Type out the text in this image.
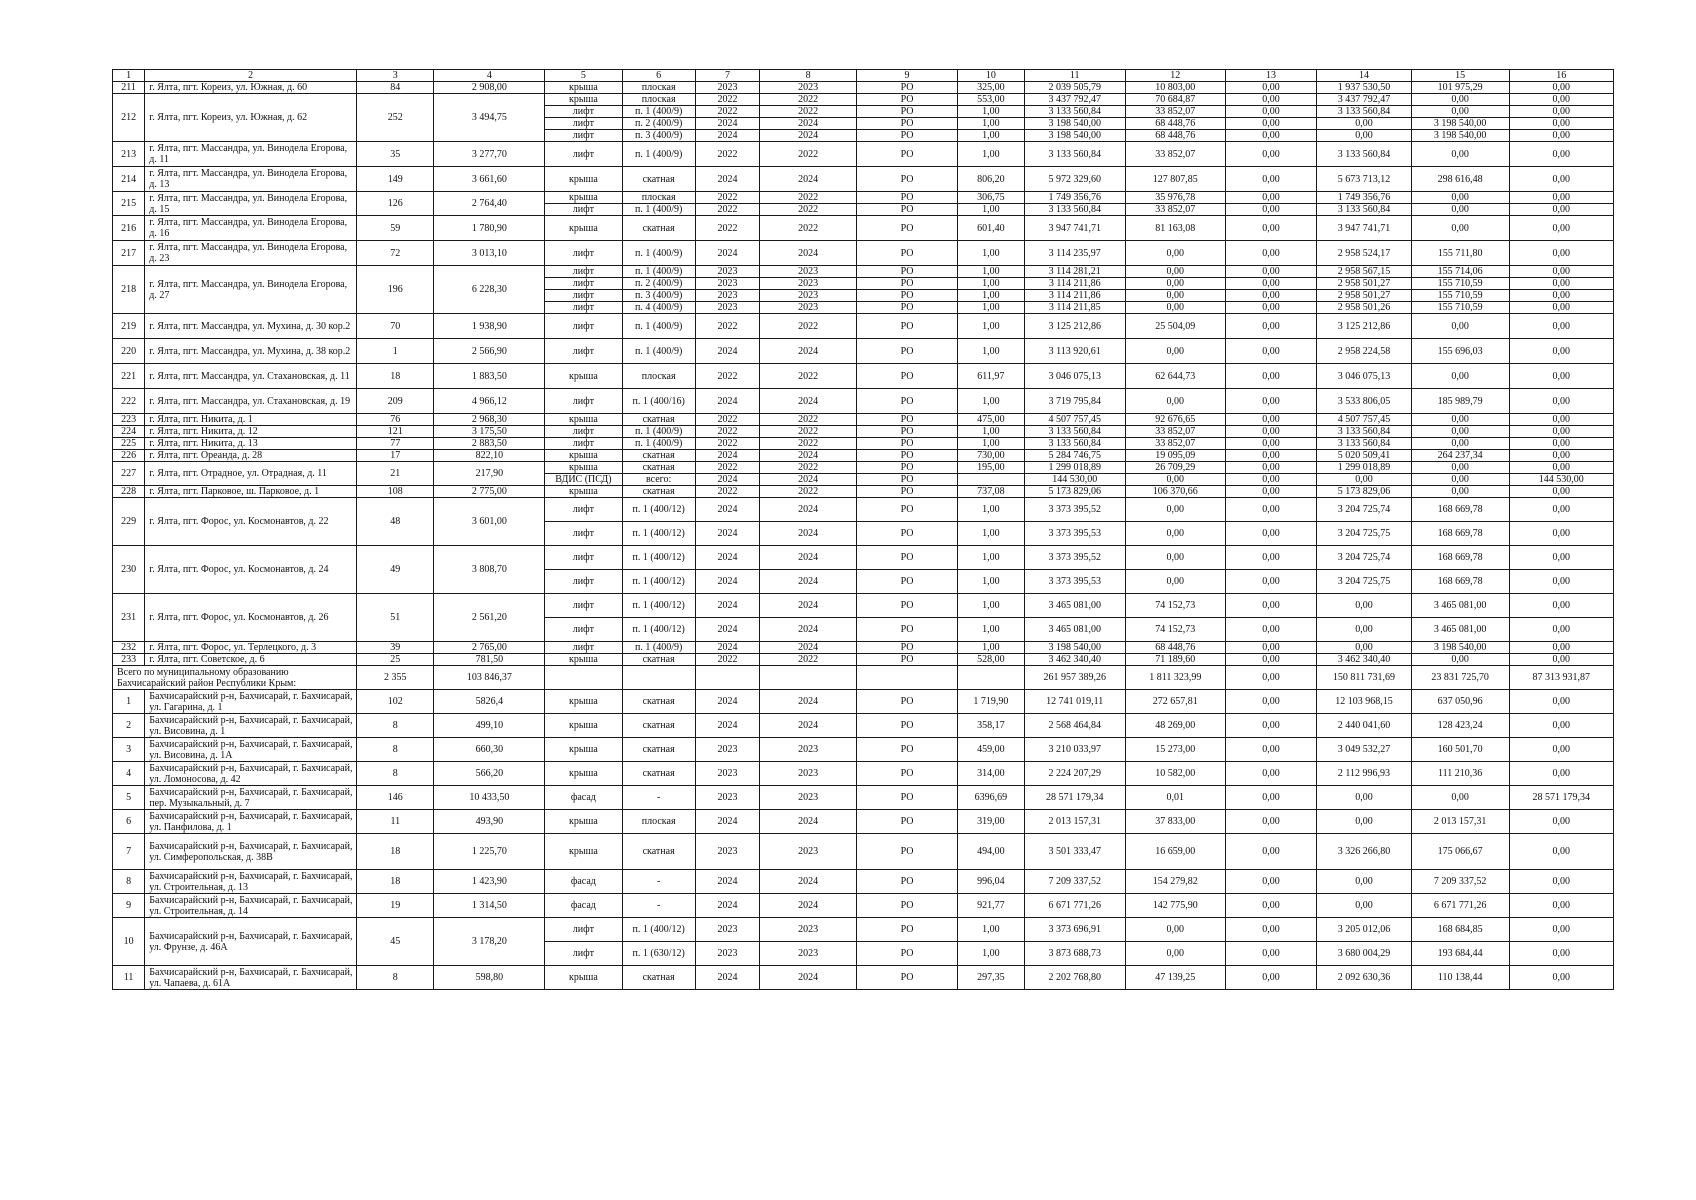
1	2	3	4	5	6	7	8	9	10	11	12	13	14	15	16
211	г. Ялта, пгт. Кореиз, ул. Южная, д. 60	84	2 908,00	крыша	плоская	2023	2023	РО	325,00	2 039 505,79	10 803,00	0,00	1 937 530,50	101 975,29	0,00
212	г. Ялта, пгт. Кореиз, ул. Южная, д. 62	252	3 494,75	крыша	плоская	2022	2022	РО	553,00	3 437 792,47	70 684,87	0,00	3 437 792,47	0,00	0,00
				лифт	п. 1 (400/9)	2022	2022	РО	1,00	3 133 560,84	33 852,07	0,00	3 133 560,84	0,00	0,00
				лифт	п. 2 (400/9)	2024	2024	РО	1,00	3 198 540,00	68 448,76	0,00	0,00	3 198 540,00	0,00
				лифт	п. 3 (400/9)	2024	2024	РО	1,00	3 198 540,00	68 448,76	0,00	0,00	3 198 540,00	0,00
213	г. Ялта, пгт. Массандра, ул. Винодела Егорова, д. 11	35	3 277,70	лифт	п. 1 (400/9)	2022	2022	РО	1,00	3 133 560,84	33 852,07	0,00	3 133 560,84	0,00	0,00
214	г. Ялта, пгт. Массандра, ул. Винодела Егорова, д. 13	149	3 661,60	крыша	скатная	2024	2024	РО	806,20	5 972 329,60	127 807,85	0,00	5 673 713,12	298 616,48	0,00
215	г. Ялта, пгт. Массандра, ул. Винодела Егорова, д. 15	126	2 764,40	крыша	плоская	2022	2022	РО	306,75	1 749 356,76	35 976,78	0,00	1 749 356,76	0,00	0,00
				лифт	п. 1 (400/9)	2022	2022	РО	1,00	3 133 560,84	33 852,07	0,00	3 133 560,84	0,00	0,00
216	г. Ялта, пгт. Массандра, ул. Винодела Егорова, д. 16	59	1 780,90	крыша	скатная	2022	2022	РО	601,40	3 947 741,71	81 163,08	0,00	3 947 741,71	0,00	0,00
217	г. Ялта, пгт. Массандра, ул. Винодела Егорова, д. 23	72	3 013,10	лифт	п. 1 (400/9)	2024	2024	РО	1,00	3 114 235,97	0,00	0,00	2 958 524,17	155 711,80	0,00
218	г. Ялта, пгт. Массандра, ул. Винодела Егорова, д. 27	196	6 228,30	лифт	п. 1 (400/9)	2023	2023	РО	1,00	3 114 281,21	0,00	0,00	2 958 567,15	155 714,06	0,00
				лифт	п. 2 (400/9)	2023	2023	РО	1,00	3 114 211,86	0,00	0,00	2 958 501,27	155 710,59	0,00
				лифт	п. 3 (400/9)	2023	2023	РО	1,00	3 114 211,86	0,00	0,00	2 958 501,27	155 710,59	0,00
				лифт	п. 4 (400/9)	2023	2023	РО	1,00	3 114 211,85	0,00	0,00	2 958 501,26	155 710,59	0,00
219	г. Ялта, пгт. Массандра, ул. Мухина, д. 30 кор.2	70	1 938,90	лифт	п. 1 (400/9)	2022	2022	РО	1,00	3 125 212,86	25 504,09	0,00	3 125 212,86	0,00	0,00
220	г. Ялта, пгт. Массандра, ул. Мухина, д. 38 кор.2	1	2 566,90	лифт	п. 1 (400/9)	2024	2024	РО	1,00	3 113 920,61	0,00	0,00	2 958 224,58	155 696,03	0,00
221	г. Ялта, пгт. Массандра, ул. Стахановская, д. 11	18	1 883,50	крыша	плоская	2022	2022	РО	611,97	3 046 075,13	62 644,73	0,00	3 046 075,13	0,00	0,00
222	г. Ялта, пгт. Массандра, ул. Стахановская, д. 19	209	4 966,12	лифт	п. 1 (400/16)	2024	2024	РО	1,00	3 719 795,84	0,00	0,00	3 533 806,05	185 989,79	0,00
223	г. Ялта, пгт. Никита, д. 1	76	2 968,30	крыша	скатная	2022	2022	РО	475,00	4 507 757,45	92 676,65	0,00	4 507 757,45	0,00	0,00
224	г. Ялта, пгт. Никита, д. 12	121	3 175,50	лифт	п. 1 (400/9)	2022	2022	РО	1,00	3 133 560,84	33 852,07	0,00	3 133 560,84	0,00	0,00
225	г. Ялта, пгт. Никита, д. 13	77	2 883,50	лифт	п. 1 (400/9)	2022	2022	РО	1,00	3 133 560,84	33 852,07	0,00	3 133 560,84	0,00	0,00
226	г. Ялта, пгт. Ореанда, д. 28	17	822,10	крыша	скатная	2024	2024	РО	730,00	5 284 746,75	19 095,09	0,00	5 020 509,41	264 237,34	0,00
227	г. Ялта, пгт. Отрадное, ул. Отрадная, д. 11	21	217,90	крыша	скатная	2022	2022	РО	195,00	1 299 018,89	26 709,29	0,00	1 299 018,89	0,00	0,00
				ВДИС (ПСД)	всего:	2024	2024	РО		144 530,00	0,00	0,00	0,00	0,00	144 530,00
228	г. Ялта, пгт. Парковое, ш. Парковое, д. 1	108	2 775,00	крыша	скатная	2022	2022	РО	737,08	5 173 829,06	106 370,66	0,00	5 173 829,06	0,00	0,00
229	г. Ялта, пгт. Форос, ул. Космонавтов, д. 22	48	3 601,00	лифт	п. 1 (400/12)	2024	2024	РО	1,00	3 373 395,52	0,00	0,00	3 204 725,74	168 669,78	0,00
				лифт	п. 1 (400/12)	2024	2024	РО	1,00	3 373 395,53	0,00	0,00	3 204 725,75	168 669,78	0,00
230	г. Ялта, пгт. Форос, ул. Космонавтов, д. 24	49	3 808,70	лифт	п. 1 (400/12)	2024	2024	РО	1,00	3 373 395,52	0,00	0,00	3 204 725,74	168 669,78	0,00
				лифт	п. 1 (400/12)	2024	2024	РО	1,00	3 373 395,53	0,00	0,00	3 204 725,75	168 669,78	0,00
231	г. Ялта, пгт. Форос, ул. Космонавтов, д. 26	51	2 561,20	лифт	п. 1 (400/12)	2024	2024	РО	1,00	3 465 081,00	74 152,73	0,00	0,00	3 465 081,00	0,00
				лифт	п. 1 (400/12)	2024	2024	РО	1,00	3 465 081,00	74 152,73	0,00	0,00	3 465 081,00	0,00
232	г. Ялта, пгт. Форос, ул. Терлецкого, д. 3	39	2 765,00	лифт	п. 1 (400/9)	2024	2024	РО	1,00	3 198 540,00	68 448,76	0,00	0,00	3 198 540,00	0,00
233	г. Ялта, пгт. Советское, д. 6	25	781,50	крыша	скатная	2022	2022	РО	528,00	3 462 340,40	71 189,60	0,00	3 462 340,40	0,00	0,00
Всего по муниципальному образованию Бахчисарайский район Республики Крым:		2 355	103 846,37							261 957 389,26	1 811 323,99	0,00	150 811 731,69	23 831 725,70	87 313 931,87
1	Бахчисарайский р-н, Бахчисарай, г. Бахчисарай, ул. Гагарина, д. 1	102	5826,4	крыша	скатная	2024	2024	РО	1 719,90	12 741 019,11	272 657,81	0,00	12 103 968,15	637 050,96	0,00
2	Бахчисарайский р-н, Бахчисарай, г. Бахчисарай, ул. Висовина, д. 1	8	499,10	крыша	скатная	2024	2024	РО	358,17	2 568 464,84	48 269,00	0,00	2 440 041,60	128 423,24	0,00
3	Бахчисарайский р-н, Бахчисарай, г. Бахчисарай, ул. Висовина, д. 1А	8	660,30	крыша	скатная	2023	2023	РО	459,00	3 210 033,97	15 273,00	0,00	3 049 532,27	160 501,70	0,00
4	Бахчисарайский р-н, Бахчисарай, г. Бахчисарай, ул. Ломоносова, д. 42	8	566,20	крыша	скатная	2023	2023	РО	314,00	2 224 207,29	10 582,00	0,00	2 112 996,93	111 210,36	0,00
5	Бахчисарайский р-н, Бахчисарай, г. Бахчисарай, пер. Музыкальный, д. 7	146	10 433,50	фасад	-	2023	2023	РО	6396,69	28 571 179,34	0,01	0,00	0,00	0,00	28 571 179,34
6	Бахчисарайский р-н, Бахчисарай, г. Бахчисарай, ул. Панфилова, д. 1	11	493,90	крыша	плоская	2024	2024	РО	319,00	2 013 157,31	37 833,00	0,00	0,00	2 013 157,31	0,00
7	Бахчисарайский р-н, Бахчисарай, г. Бахчисарай, ул. Симферопольская, д. 38В	18	1 225,70	крыша	скатная	2023	2023	РО	494,00	3 501 333,47	16 659,00	0,00	3 326 266,80	175 066,67	0,00
8	Бахчисарайский р-н, Бахчисарай, г. Бахчисарай, ул. Строительная, д. 13	18	1 423,90	фасад	-	2024	2024	РО	996,04	7 209 337,52	154 279,82	0,00	0,00	7 209 337,52	0,00
9	Бахчисарайский р-н, Бахчисарай, г. Бахчисарай, ул. Строительная, д. 14	19	1 314,50	фасад	-	2024	2024	РО	921,77	6 671 771,26	142 775,90	0,00	0,00	6 671 771,26	0,00
10	Бахчисарайский р-н, Бахчисарай, г. Бахчисарай, ул. Фрунзе, д. 46А	45	3 178,20	лифт	п. 1 (400/12)	2023	2023	РО	1,00	3 373 696,91	0,00	0,00	3 205 012,06	168 684,85	0,00
				лифт	п. 1 (630/12)	2023	2023	РО	1,00	3 873 688,73	0,00	0,00	3 680 004,29	193 684,44	0,00
11	Бахчисарайский р-н, Бахчисарай, г. Бахчисарай, ул. Чапаева, д. 61А	8	598,80	крыша	скатная	2024	2024	РО	297,35	2 202 768,80	47 139,25	0,00	2 092 630,36	110 138,44	0,00
